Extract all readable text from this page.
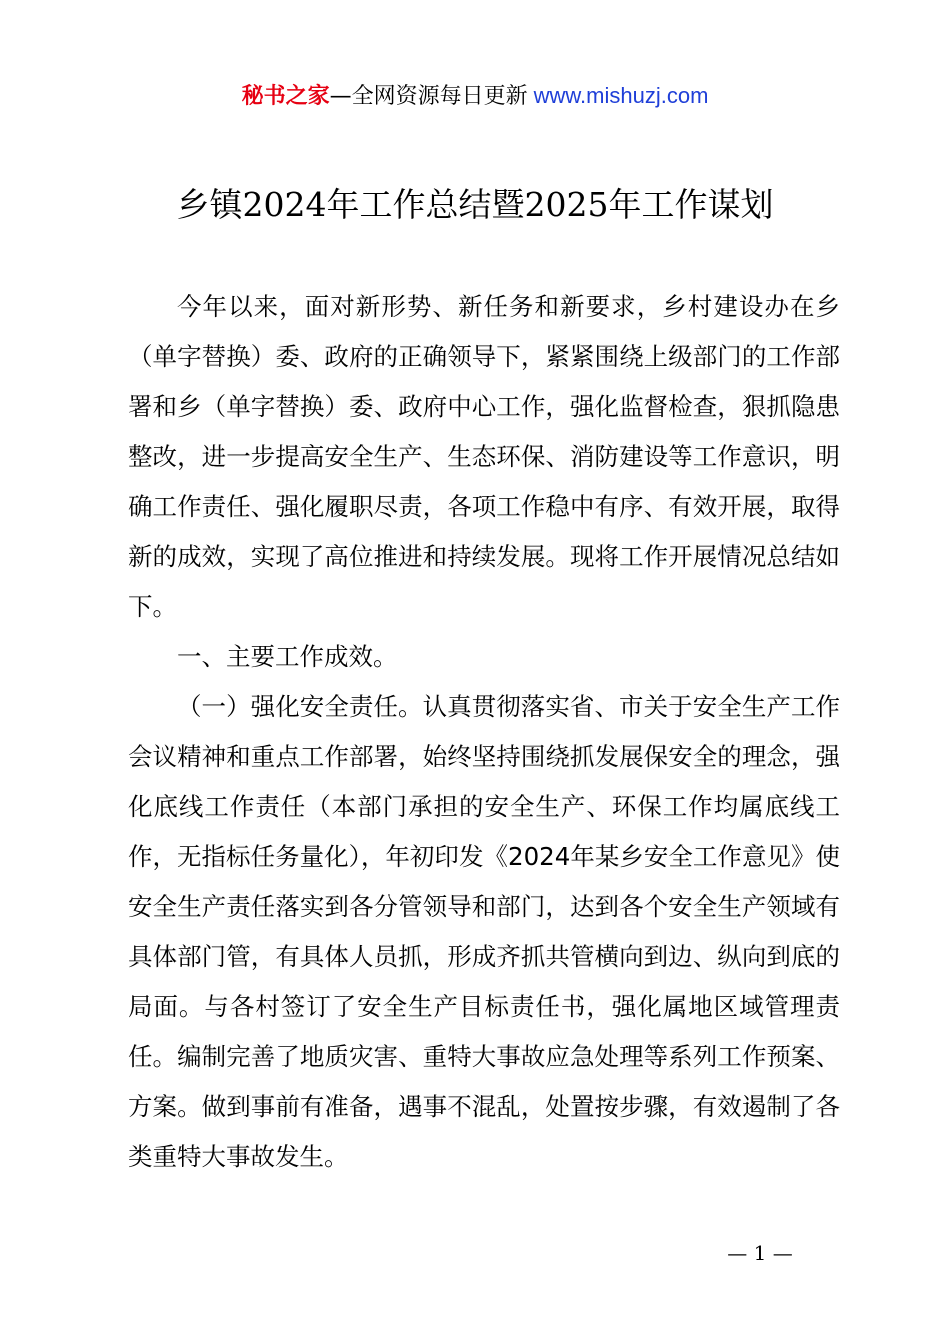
秘书之家—全网资源每日更新 www.mishuzj.com
乡镇2024年工作总结暨2025年工作谋划

今年以来，面对新形势、新任务和新要求，乡村建设办在乡（单字替换）委、政府的正确领导下，紧紧围绕上级部门的工作部署和乡（单字替换）委、政府中心工作，强化监督检查，狠抓隐患整改，进一步提高安全生产、生态环保、消防建设等工作意识，明确工作责任、强化履职尽责，各项工作稳中有序、有效开展，取得新的成效，实现了高位推进和持续发展。现将工作开展情况总结如下。

一、主要工作成效。

（一）强化安全责任。认真贯彻落实省、市关于安全生产工作会议精神和重点工作部署，始终坚持围绕抓发展保安全的理念，强化底线工作责任（本部门承担的安全生产、环保工作均属底线工作，无指标任务量化），年初印发《2024年某乡安全工作意见》使安全生产责任落实到各分管领导和部门，达到各个安全生产领域有具体部门管，有具体人员抓，形成齐抓共管横向到边、纵向到底的局面。与各村签订了安全生产目标责任书，强化属地区域管理责任。编制完善了地质灾害、重特大事故应急处理等系列工作预案、方案。做到事前有准备，遇事不混乱，处置按步骤，有效遏制了各类重特大事故发生。

— 1 —
